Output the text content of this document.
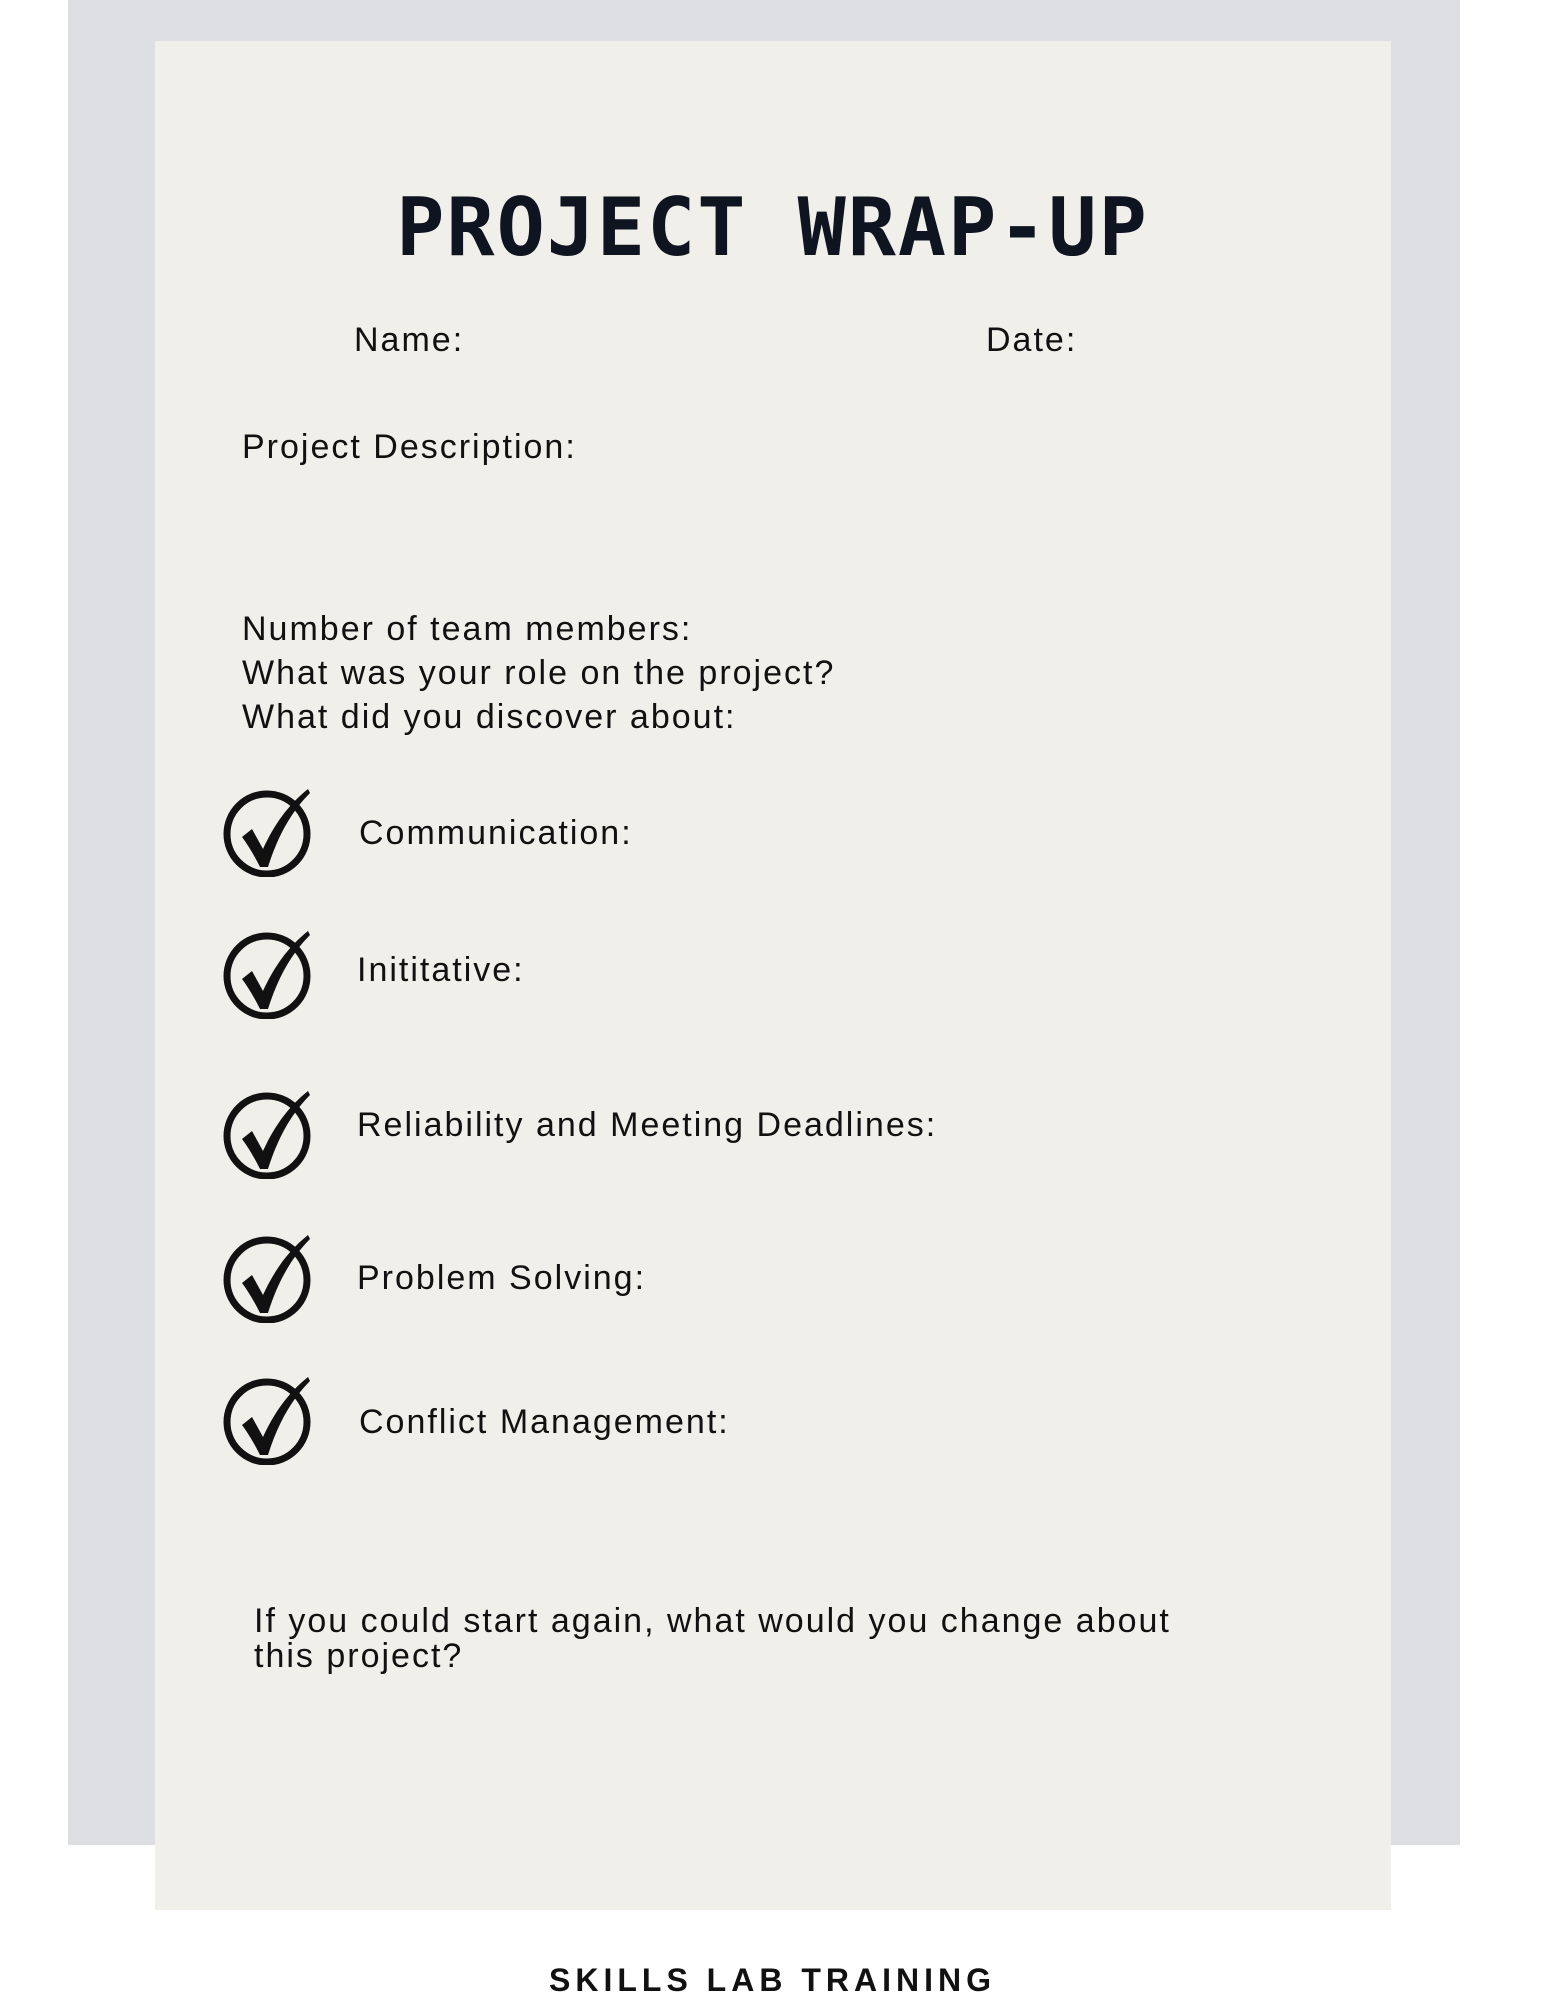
PROJECT WRAP-UP
Name:	Date:
Project Description:
Number of team members:
What was your role on the project?
What did you discover about:
Communication:
Inititative:
Reliability and Meeting Deadlines:
Problem Solving:
Conflict Management:
If you could start again, what would you change about
this project?
SKILLS LAB TRAINING
